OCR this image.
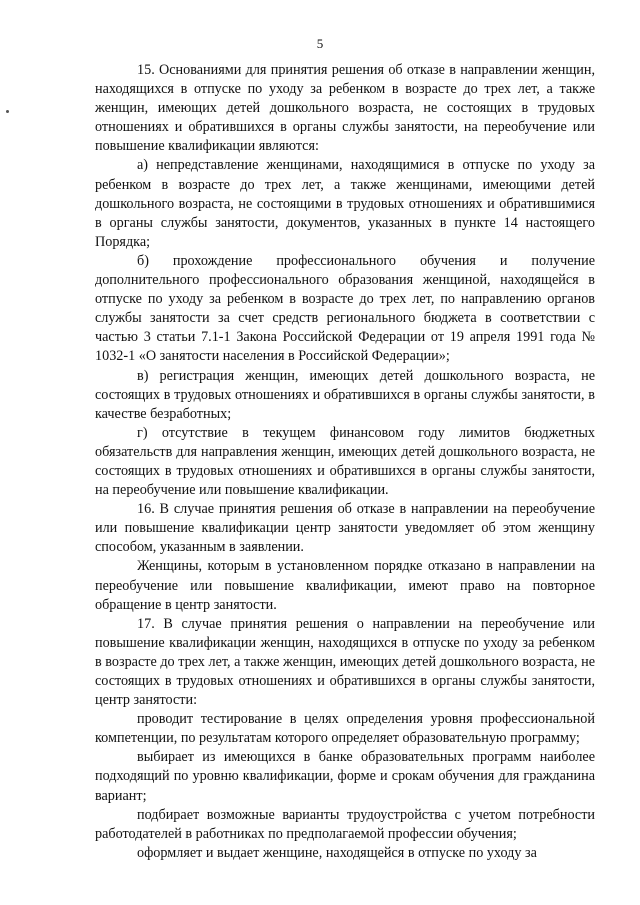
5

15. Основаниями для принятия решения об отказе в направлении женщин, находящихся в отпуске по уходу за ребенком в возрасте до трех лет, а также женщин, имеющих детей дошкольного возраста, не состоящих в трудовых отношениях и обратившихся в органы службы занятости, на переобучение или повышение квалификации являются:

а) непредставление женщинами, находящимися в отпуске по уходу за ребенком в возрасте до трех лет, а также женщинами, имеющими детей дошкольного возраста, не состоящими в трудовых отношениях и обратившимися в органы службы занятости, документов, указанных в пункте 14 настоящего Порядка;

б) прохождение профессионального обучения и получение дополнительного профессионального образования женщиной, находящейся в отпуске по уходу за ребенком в возрасте до трех лет, по направлению органов службы занятости за счет средств регионального бюджета в соответствии с частью 3 статьи 7.1-1 Закона Российской Федерации от 19 апреля 1991 года № 1032-1 «О занятости населения в Российской Федерации»;

в) регистрация женщин, имеющих детей дошкольного возраста, не состоящих в трудовых отношениях и обратившихся в органы службы занятости, в качестве безработных;

г) отсутствие в текущем финансовом году лимитов бюджетных обязательств для направления женщин, имеющих детей дошкольного возраста, не состоящих в трудовых отношениях и обратившихся в органы службы занятости, на переобучение или повышение квалификации.

16. В случае принятия решения об отказе в направлении на переобучение или повышение квалификации центр занятости уведомляет об этом женщину способом, указанным в заявлении.

Женщины, которым в установленном порядке отказано в направлении на переобучение или повышение квалификации, имеют право на повторное обращение в центр занятости.

17. В случае принятия решения о направлении на переобучение или повышение квалификации женщин, находящихся в отпуске по уходу за ребенком в возрасте до трех лет, а также женщин, имеющих детей дошкольного возраста, не состоящих в трудовых отношениях и обратившихся в органы службы занятости, центр занятости:

проводит тестирование в целях определения уровня профессиональной компетенции, по результатам которого определяет образовательную программу;

выбирает из имеющихся в банке образовательных программ наиболее подходящий по уровню квалификации, форме и срокам обучения для гражданина вариант;

подбирает возможные варианты трудоустройства с учетом потребности работодателей в работниках по предполагаемой профессии обучения;

оформляет и выдает женщине, находящейся в отпуске по уходу за
